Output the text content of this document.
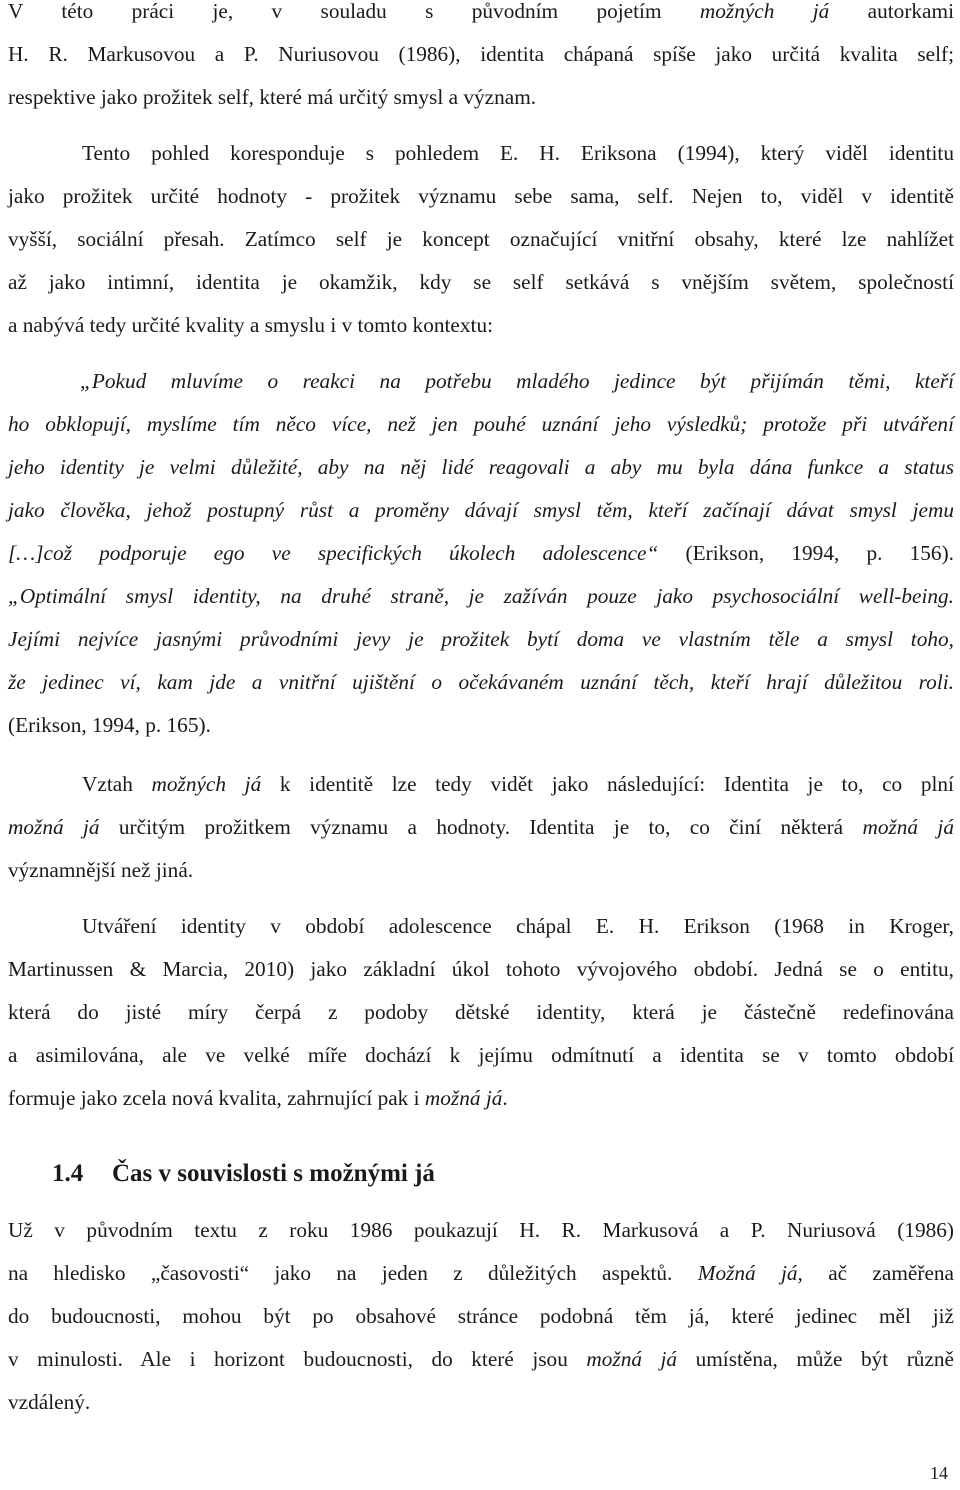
V této práci je, v souladu s původním pojetím možných já autorkami
H. R. Markusovou a P. Nuriusovou (1986), identita chápaná spíše jako určitá kvalita self;
respektive jako prožitek self, které má určitý smysl a význam.
Tento pohled koresponduje s pohledem E. H. Eriksona (1994), který viděl identitu
jako prožitek určité hodnoty - prožitek významu sebe sama, self. Nejen to, viděl v identitě
vyšší, sociální přesah. Zatímco self je koncept označující vnitřní obsahy, které lze nahlížet
až jako intimní, identita je okamžik, kdy se self setkává s vnějším světem, společností
a nabývá tedy určité kvality a smyslu i v tomto kontextu:
„Pokud mluvíme o reakci na potřebu mladého jedince být přijímán těmi, kteří
ho obklopují, myslíme tím něco více, než jen pouhé uznání jeho výsledků; protože při utváření
jeho identity je velmi důležité, aby na něj lidé reagovali a aby mu byla dána funkce a status
jako člověka, jehož postupný růst a proměny dávají smysl těm, kteří začínají dávat smysl jemu
[…]což podporuje ego ve specifických úkolech adolescence“ (Erikson, 1994, p. 156).
„Optimální smysl identity, na druhé straně, je zažíván pouze jako psychosociální well-being.
Jejími nejvíce jasnými průvodními jevy je prožitek bytí doma ve vlastním těle a smysl toho,
že jedinec ví, kam jde a vnitřní ujištění o očekávaném uznání těch, kteří hrají důležitou roli.
(Erikson, 1994, p. 165).
Vztah možných já k identitě lze tedy vidět jako následující: Identita je to, co plní
možná já určitým prožitkem významu a hodnoty. Identita je to, co činí některá možná já
významnější než jiná.
Utváření identity v období adolescence chápal E. H. Erikson (1968 in Kroger,
Martinussen & Marcia, 2010) jako základní úkol tohoto vývojového období. Jedná se o entitu,
která do jisté míry čerpá z podoby dětské identity, která je částečně redefinována
a asimilována, ale ve velké míře dochází k jejímu odmítnutí a identita se v tomto období
formuje jako zcela nová kvalita, zahrnující pak i možná já.
1.4 Čas v souvislosti s možnými já
Už v původním textu z roku 1986 poukazují H. R. Markusová a P. Nuriusová (1986)
na hledisko „časovosti“ jako na jeden z důležitých aspektů. Možná já, ač zaměřena
do budoucnosti, mohou být po obsahové stránce podobná těm já, které jedinec měl již
v minulosti. Ale i horizont budoucnosti, do které jsou možná já umístěna, může být různě
vzdálený.
14
